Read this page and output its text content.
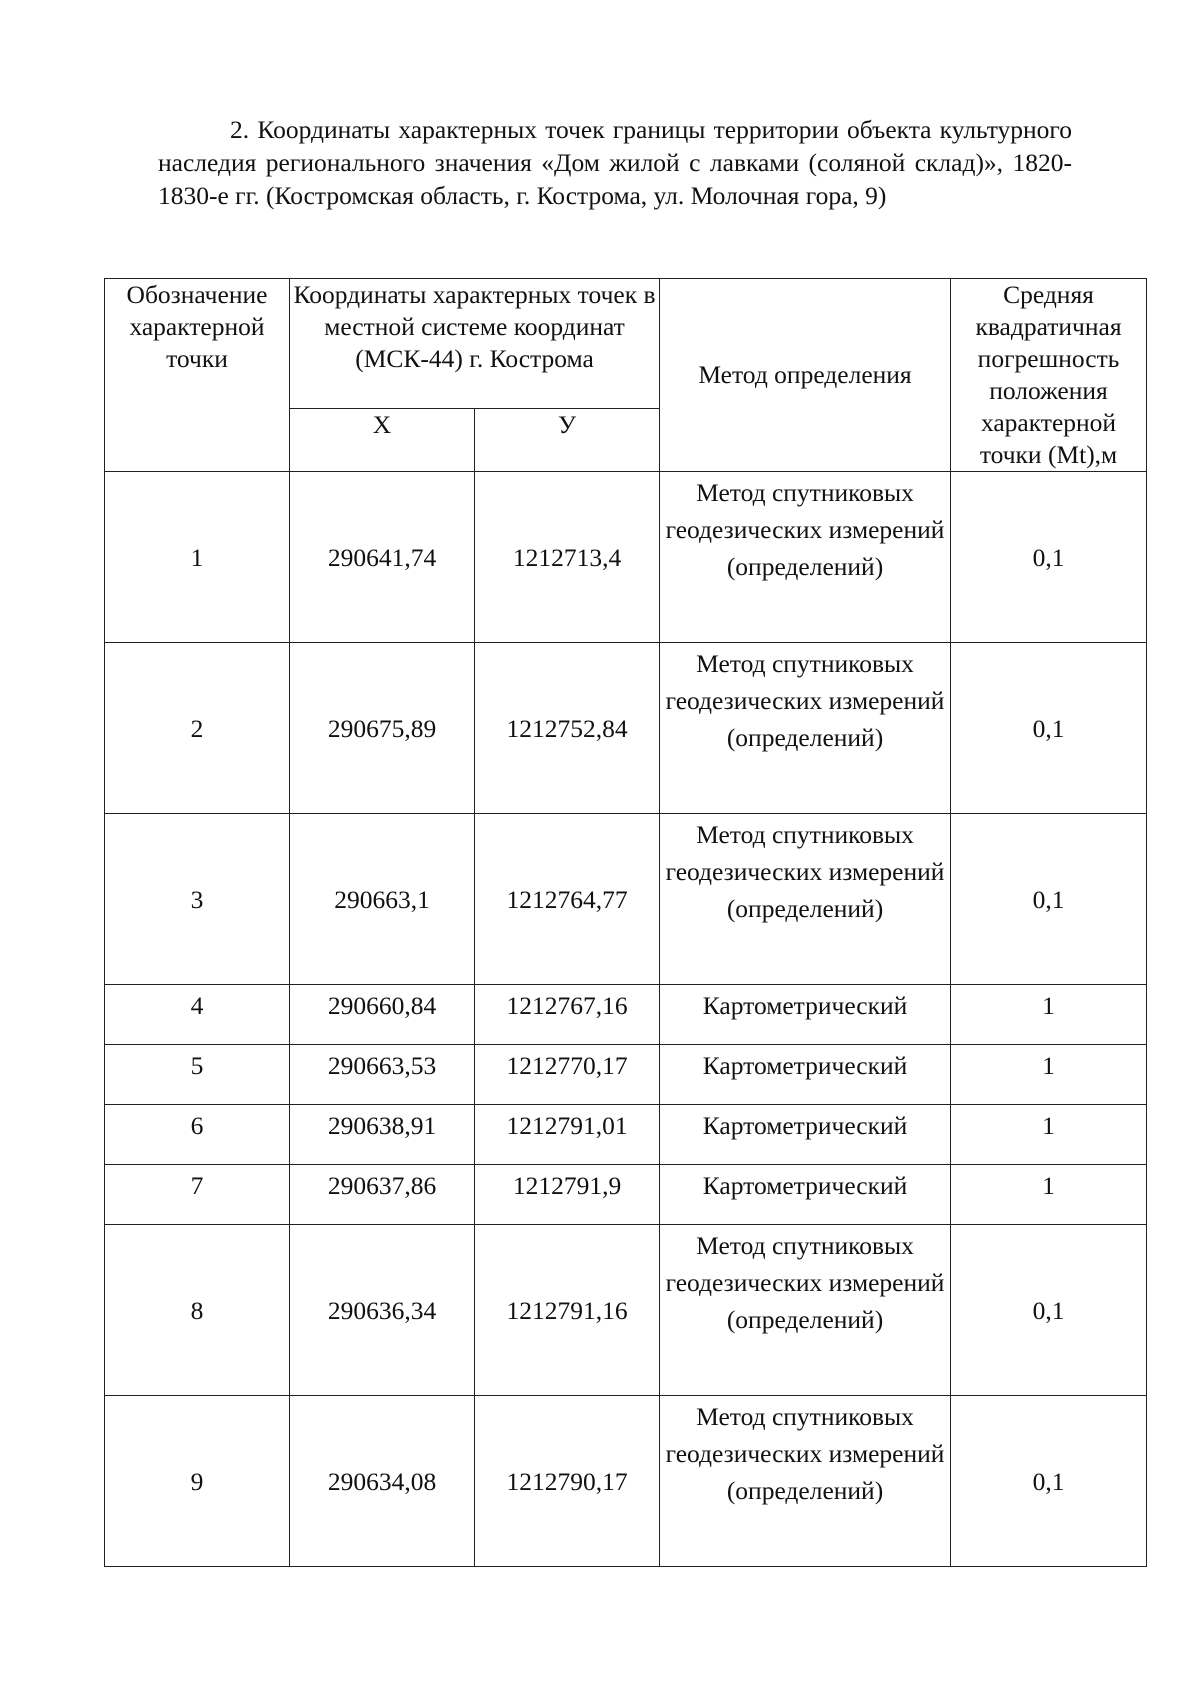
2. Координаты характерных точек границы территории объекта культурного наследия регионального значения «Дом жилой с лавками (соляной склад)», 1820-1830-е гг. (Костромская область, г. Кострома, ул. Молочная гора, 9)

Обозначение характерной точки	Координаты характерных точек в местной системе координат (МСК-44) г. Кострома		Метод определения	Средняя квадратичная погрешность положения характерной точки (Mt),м
	Х	У		
1	290641,74	1212713,4	Метод спутниковых геодезических измерений (определений)	0,1
2	290675,89	1212752,84	Метод спутниковых геодезических измерений (определений)	0,1
3	290663,1	1212764,77	Метод спутниковых геодезических измерений (определений)	0,1
4	290660,84	1212767,16	Картометрический	1
5	290663,53	1212770,17	Картометрический	1
6	290638,91	1212791,01	Картометрический	1
7	290637,86	1212791,9	Картометрический	1
8	290636,34	1212791,16	Метод спутниковых геодезических измерений (определений)	0,1
9	290634,08	1212790,17	Метод спутниковых геодезических измерений (определений)	0,1
